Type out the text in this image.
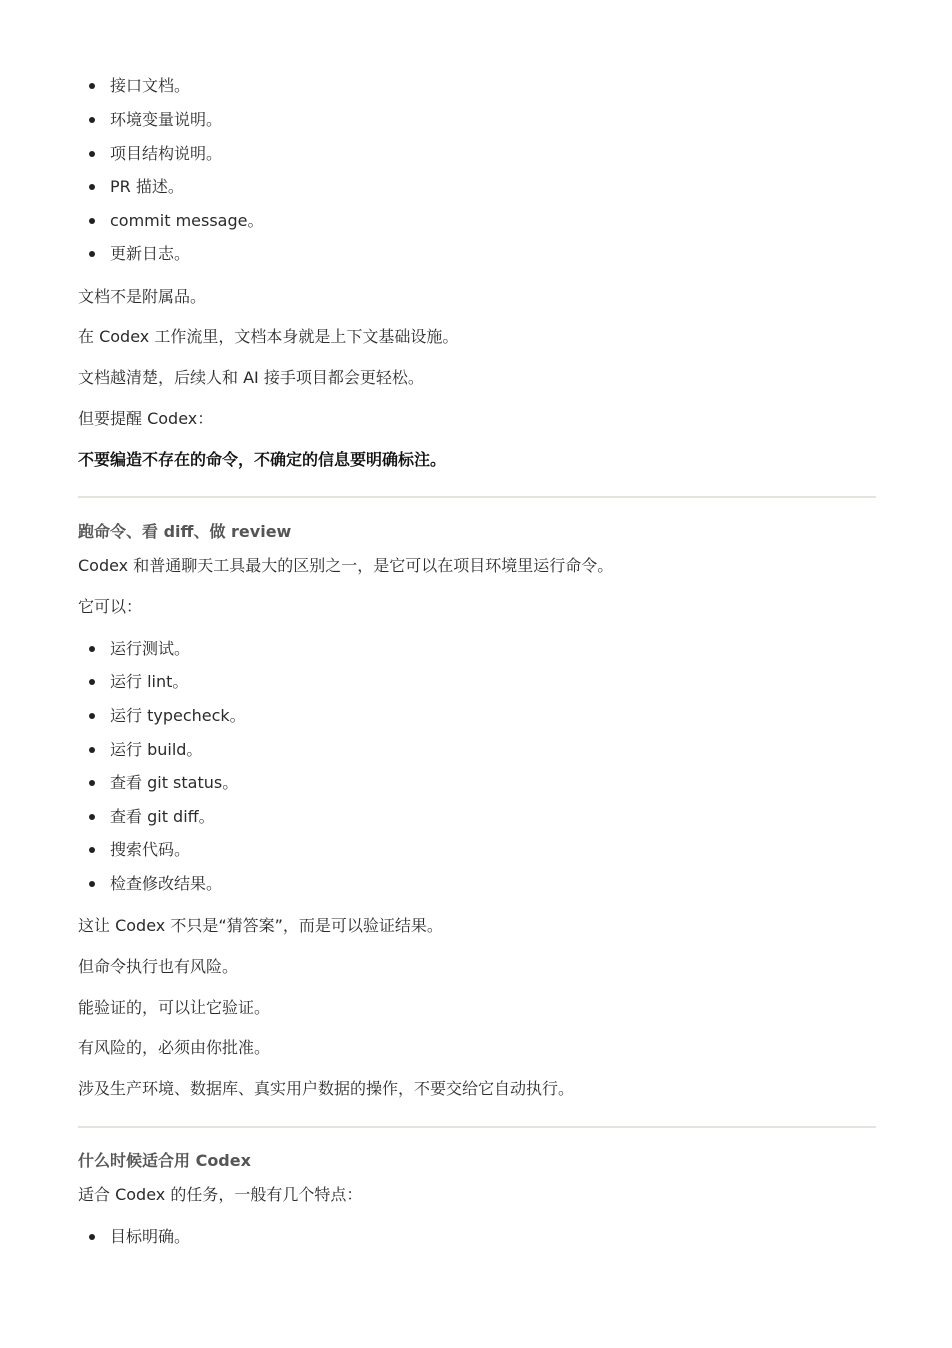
接口文档。
环境变量说明。
项目结构说明。
PR 描述。
commit message。
更新日志。
文档不是附属品。
在 Codex 工作流里，文档本身就是上下文基础设施。
文档越清楚，后续人和 AI 接手项目都会更轻松。
但要提醒 Codex：
不要编造不存在的命令，不确定的信息要明确标注。
跑命令、看 diff、做 review
Codex 和普通聊天工具最大的区别之一，是它可以在项目环境里运行命令。
它可以：
运行测试。
运行 lint。
运行 typecheck。
运行 build。
查看 git status。
查看 git diff。
搜索代码。
检查修改结果。
这让 Codex 不只是“猜答案”，而是可以验证结果。
但命令执行也有风险。
能验证的，可以让它验证。
有风险的，必须由你批准。
涉及生产环境、数据库、真实用户数据的操作，不要交给它自动执行。
什么时候适合用 Codex
适合 Codex 的任务，一般有几个特点：
目标明确。
